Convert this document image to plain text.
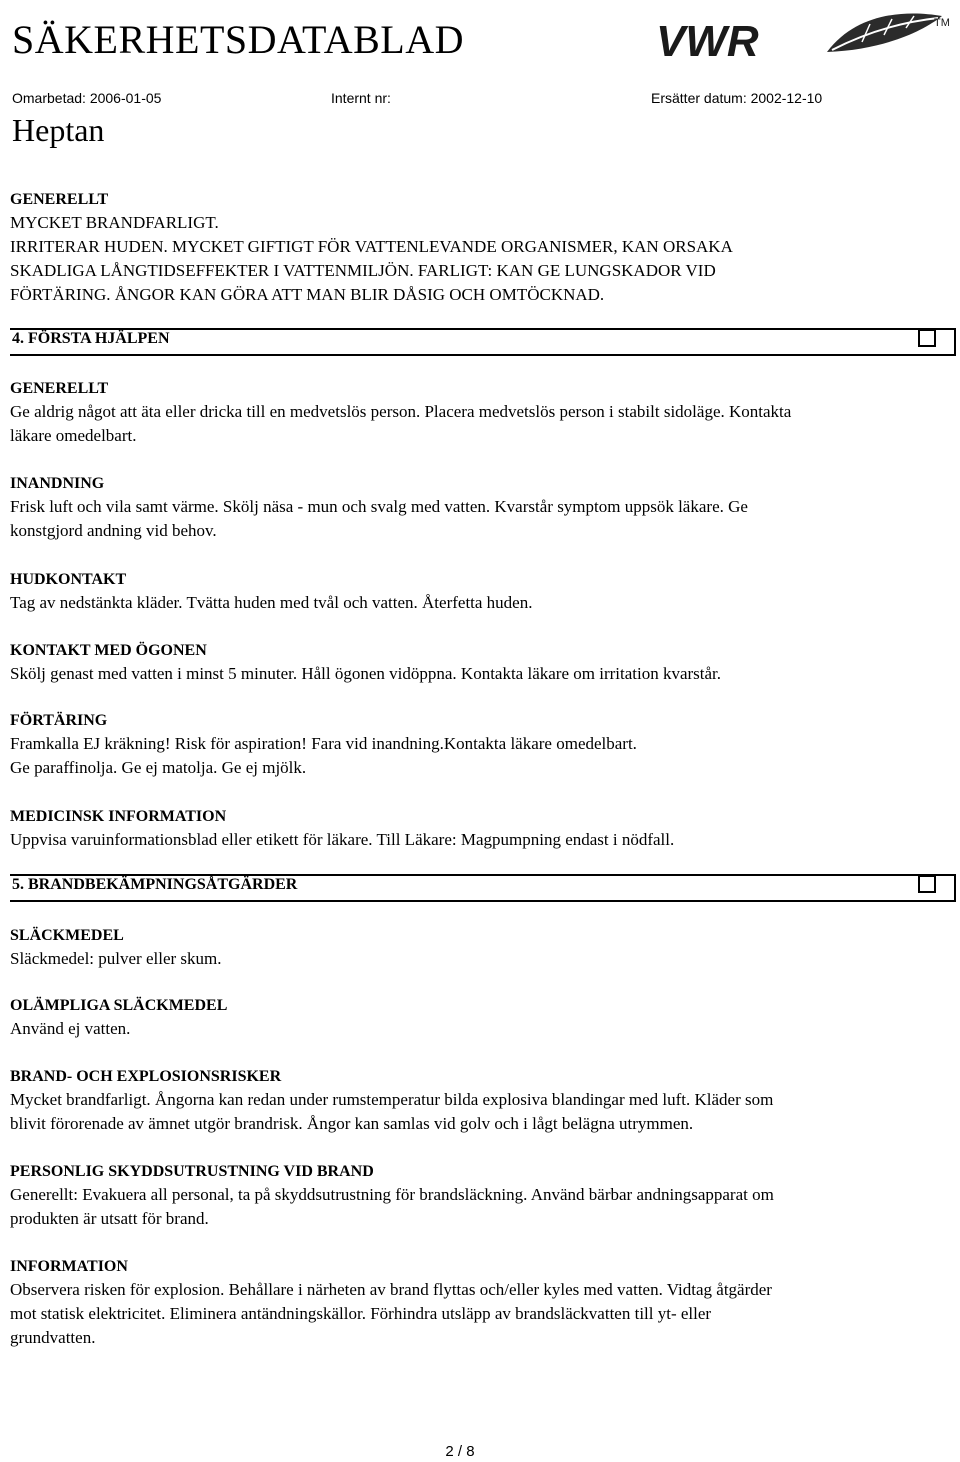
SÄKERHETSDATABLAD	VWR	TM
Omarbetad: 2006-01-05	Internt nr:	Ersätter datum: 2002-12-10
Heptan
GENERELLT
MYCKET BRANDFARLIGT.
IRRITERAR HUDEN. MYCKET GIFTIGT FÖR VATTENLEVANDE ORGANISMER, KAN ORSAKA
SKADLIGA LÅNGTIDSEFFEKTER I VATTENMILJÖN. FARLIGT: KAN GE LUNGSKADOR VID
FÖRTÄRING. ÅNGOR KAN GÖRA ATT MAN BLIR DÅSIG OCH OMTÖCKNAD.
4. FÖRSTA HJÄLPEN
GENERELLT
Ge aldrig något att äta eller dricka till en medvetslös person. Placera medvetslös person i stabilt sidoläge. Kontakta
läkare omedelbart.
INANDNING
Frisk luft och vila samt värme. Skölj näsa - mun och svalg med vatten. Kvarstår symptom uppsök läkare. Ge
konstgjord andning vid behov.
HUDKONTAKT
Tag av nedstänkta kläder. Tvätta huden med tvål och vatten. Återfetta huden.
KONTAKT MED ÖGONEN
Skölj genast med vatten i minst 5 minuter. Håll ögonen vidöppna. Kontakta läkare om irritation kvarstår.
FÖRTÄRING
Framkalla EJ kräkning! Risk för aspiration! Fara vid inandning.Kontakta läkare omedelbart.
Ge paraffinolja. Ge ej matolja. Ge ej mjölk.
MEDICINSK INFORMATION
Uppvisa varuinformationsblad eller etikett för läkare. Till Läkare: Magpumpning endast i nödfall.
5. BRANDBEKÄMPNINGSÅTGÄRDER
SLÄCKMEDEL
Släckmedel: pulver eller skum.
OLÄMPLIGA SLÄCKMEDEL
Använd ej vatten.
BRAND- OCH EXPLOSIONSRISKER
Mycket brandfarligt. Ångorna kan redan under rumstemperatur bilda explosiva blandingar med luft. Kläder som
blivit förorenade av ämnet utgör brandrisk. Ångor kan samlas vid golv och i lågt belägna utrymmen.
PERSONLIG SKYDDSUTRUSTNING VID BRAND
Generellt: Evakuera all personal, ta på skyddsutrustning för brandsläckning. Använd bärbar andningsapparat om
produkten är utsatt för brand.
INFORMATION
Observera risken för explosion. Behållare i närheten av brand flyttas och/eller kyles med vatten. Vidtag åtgärder
mot statisk elektricitet. Eliminera antändningskällor. Förhindra utsläpp av brandsläckvatten till yt- eller
grundvatten.
2 / 8
